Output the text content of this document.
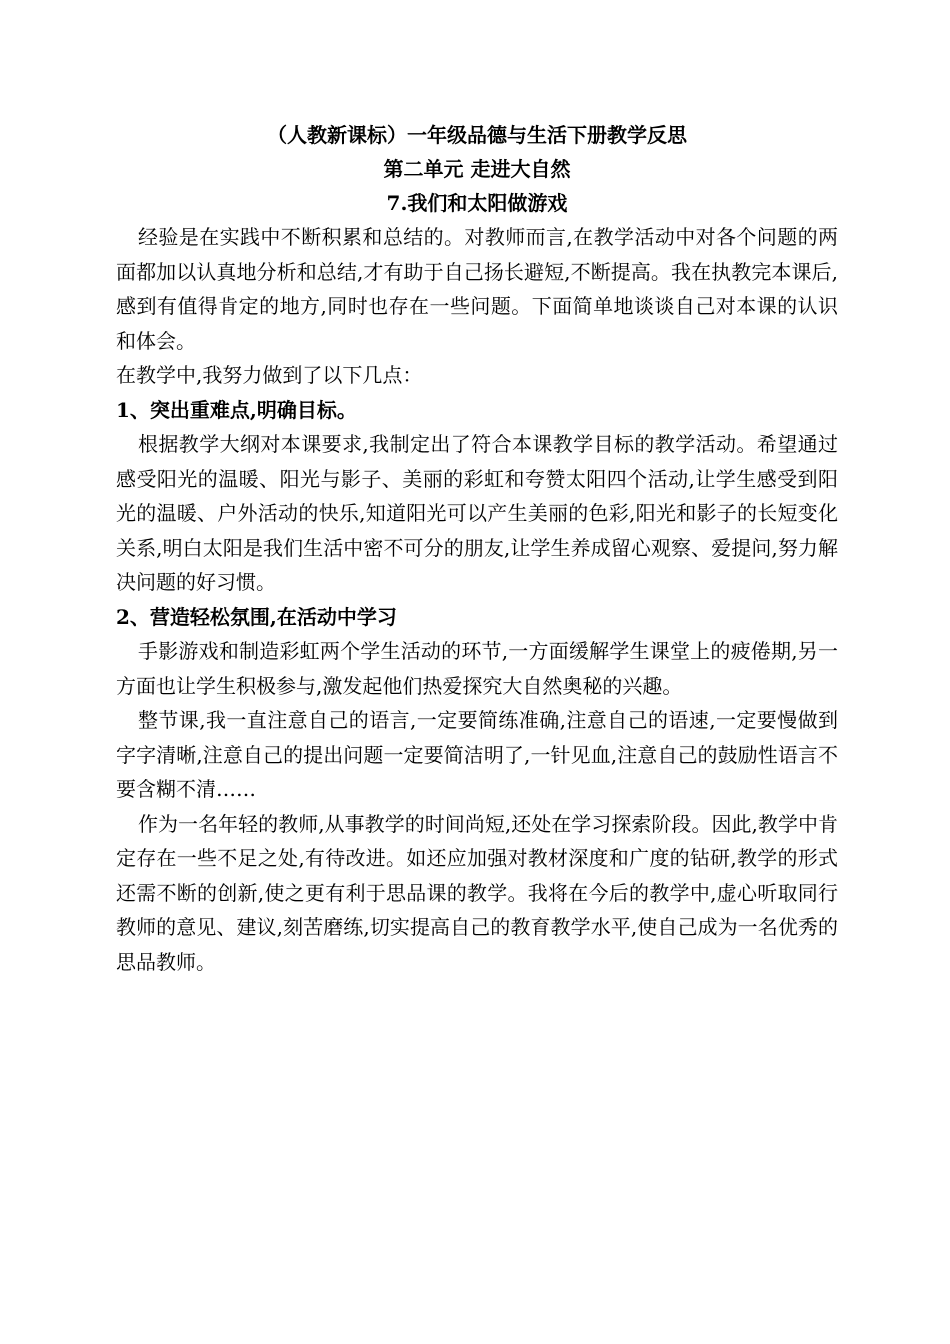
（人教新课标）一年级品德与生活下册教学反思
第二单元 走进大自然
7.我们和太阳做游戏

经验是在实践中不断积累和总结的。对教师而言,在教学活动中对各个问题的两面都加以认真地分析和总结,才有助于自己扬长避短,不断提高。我在执教完本课后,感到有值得肯定的地方,同时也存在一些问题。下面简单地谈谈自己对本课的认识和体会。

在教学中,我努力做到了以下几点：

1、突出重难点,明确目标。

根据教学大纲对本课要求,我制定出了符合本课教学目标的教学活动。希望通过感受阳光的温暖、阳光与影子、美丽的彩虹和夸赞太阳四个活动,让学生感受到阳光的温暖、户外活动的快乐,知道阳光可以产生美丽的色彩,阳光和影子的长短变化关系,明白太阳是我们生活中密不可分的朋友,让学生养成留心观察、爱提问,努力解决问题的好习惯。

2、营造轻松氛围,在活动中学习

手影游戏和制造彩虹两个学生活动的环节,一方面缓解学生课堂上的疲倦期,另一方面也让学生积极参与,激发起他们热爱探究大自然奥秘的兴趣。

整节课,我一直注意自己的语言,一定要简练准确,注意自己的语速,一定要慢做到字字清晰,注意自己的提出问题一定要简洁明了,一针见血,注意自己的鼓励性语言不要含糊不清……

作为一名年轻的教师,从事教学的时间尚短,还处在学习探索阶段。因此,教学中肯定存在一些不足之处,有待改进。如还应加强对教材深度和广度的钻研,教学的形式还需不断的创新,使之更有利于思品课的教学。我将在今后的教学中,虚心听取同行教师的意见、建议,刻苦磨练,切实提高自己的教育教学水平,使自己成为一名优秀的思品教师。
